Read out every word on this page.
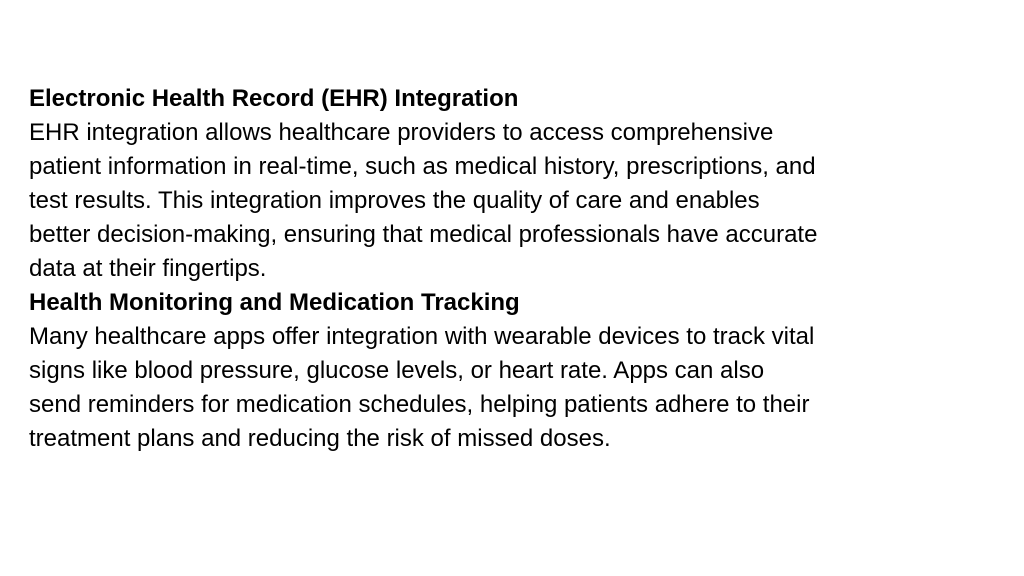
Electronic Health Record (EHR) Integration

EHR integration allows healthcare providers to access comprehensive
patient information in real-time, such as medical history, prescriptions, and
test results. This integration improves the quality of care and enables
better decision-making, ensuring that medical professionals have accurate
data at their fingertips.

Health Monitoring and Medication Tracking

Many healthcare apps offer integration with wearable devices to track vital
signs like blood pressure, glucose levels, or heart rate. Apps can also
send reminders for medication schedules, helping patients adhere to their
treatment plans and reducing the risk of missed doses.
